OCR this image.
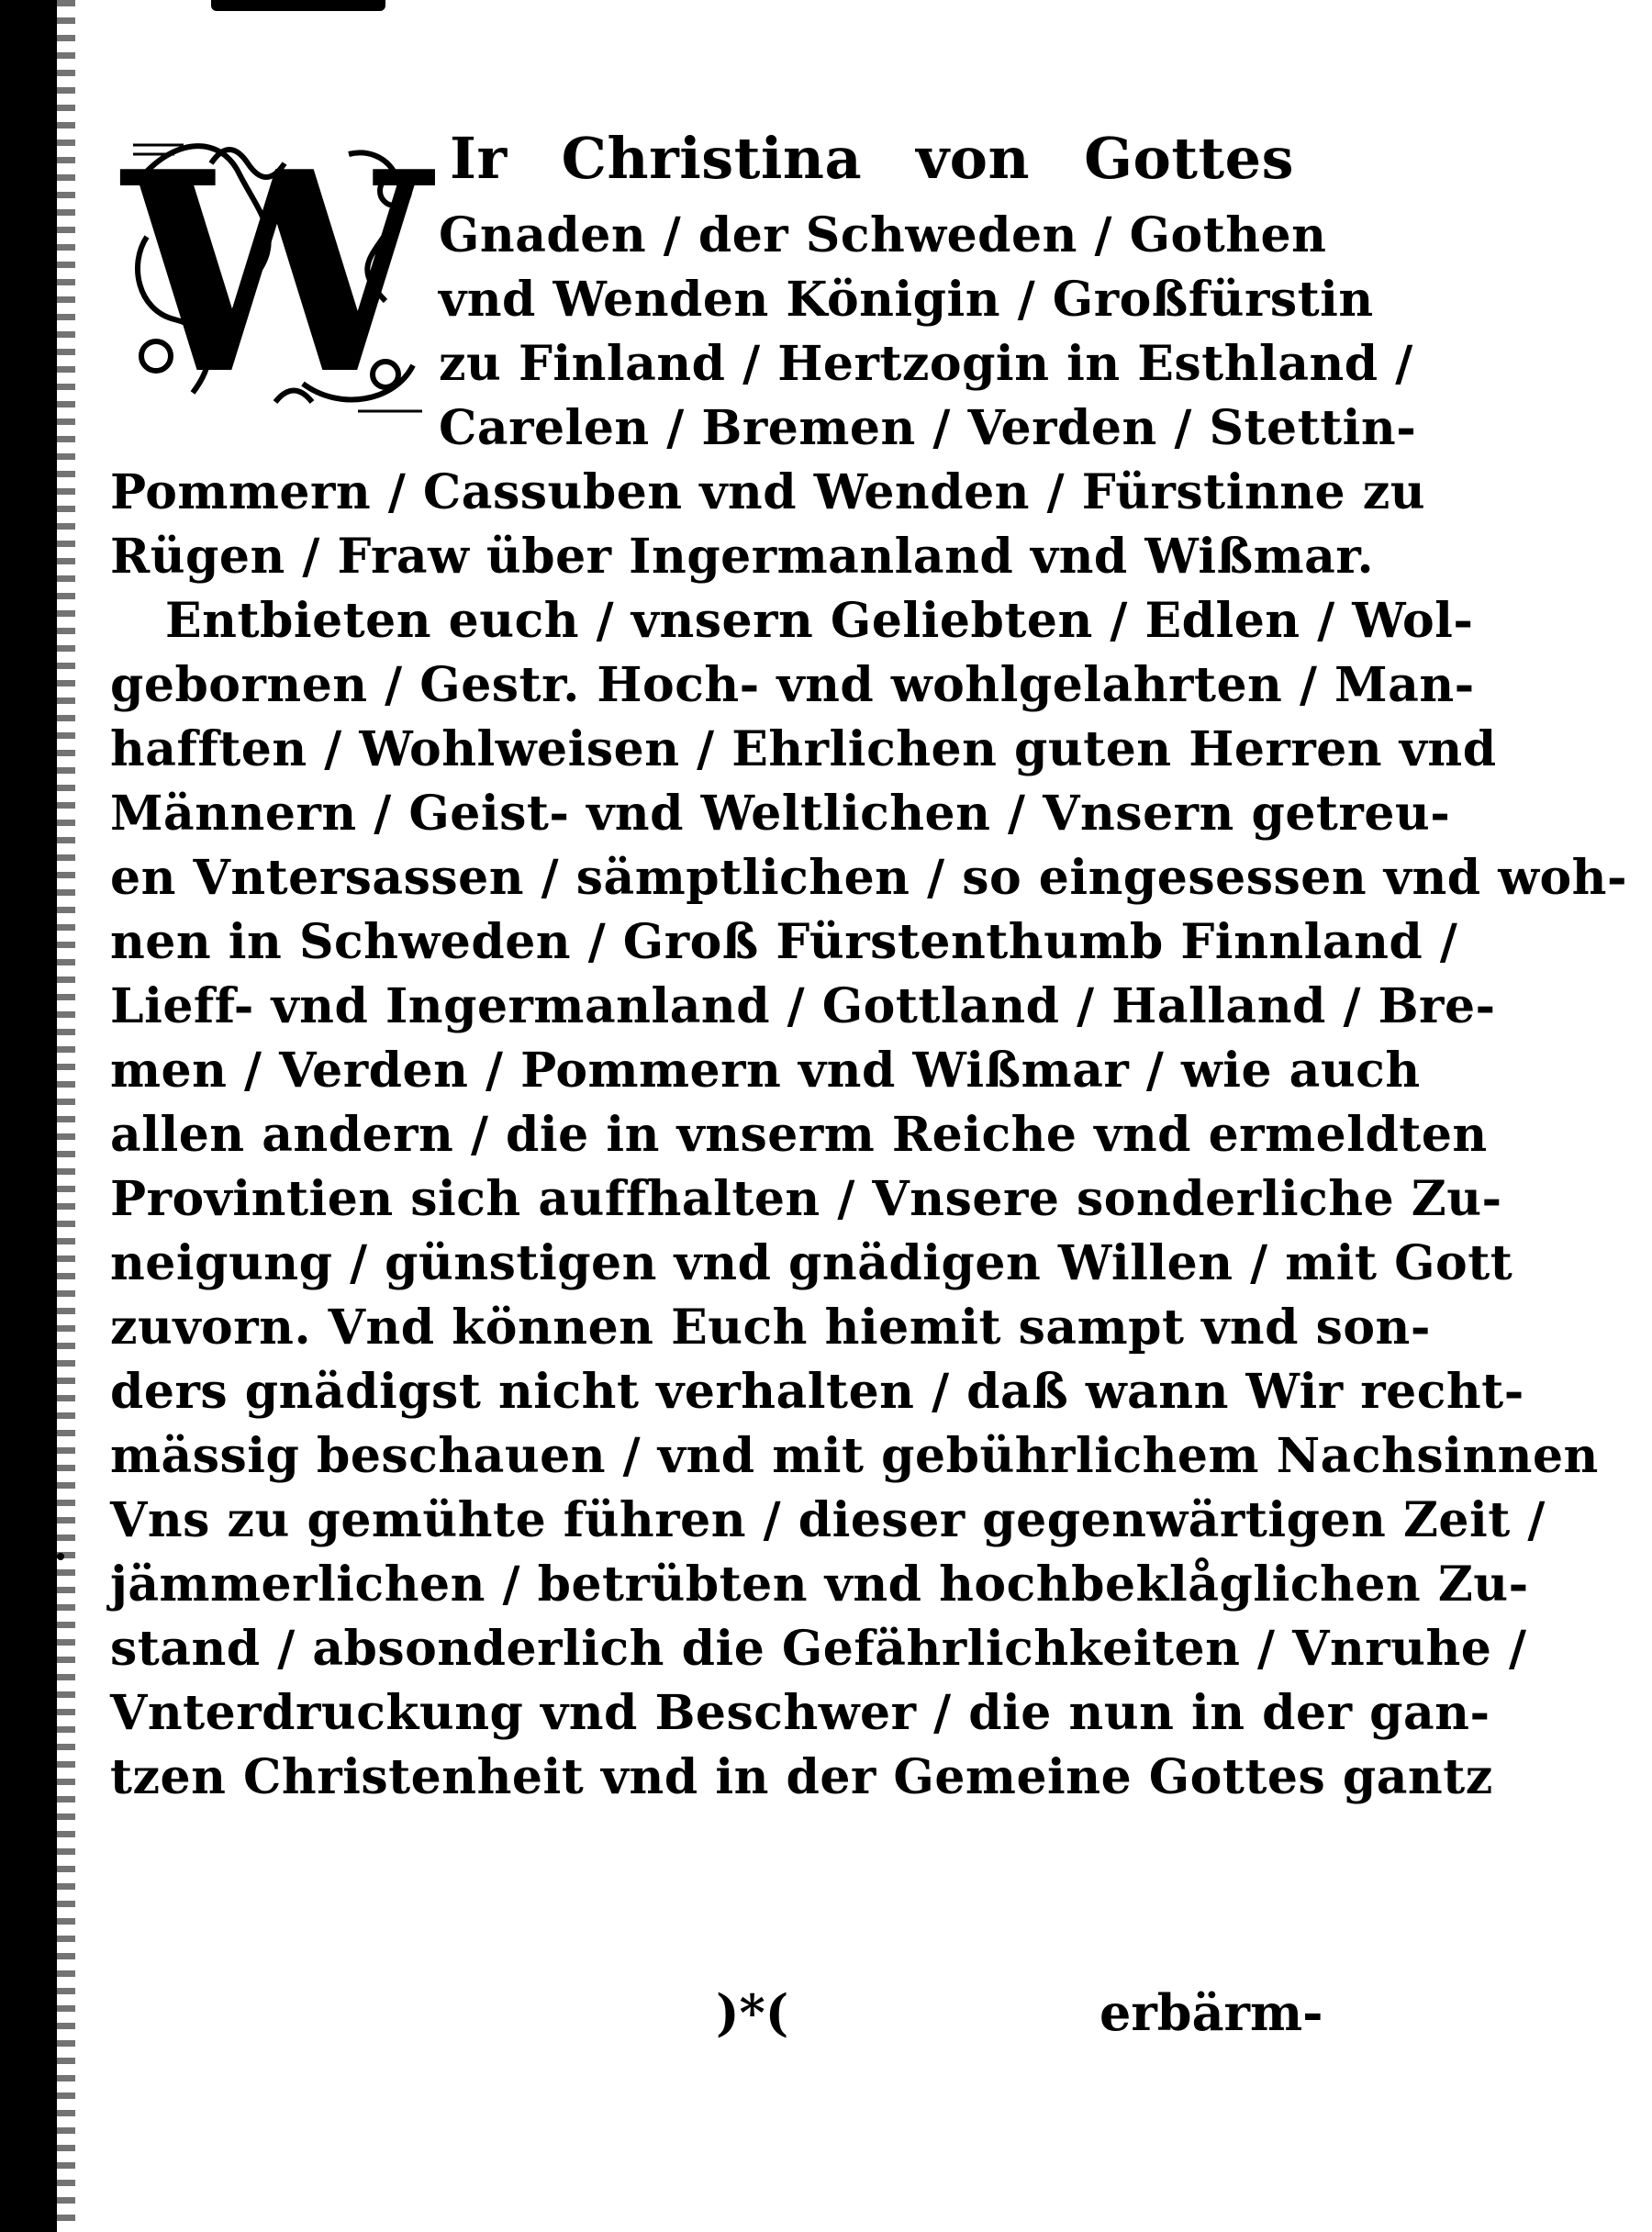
W Ir Christina von Gottes

Gnaden / der Schweden / Gothen

vnd Wenden Königin / Großfürstin

zu Finland / Hertzogin in Esthland /

Carelen / Bremen / Verden / Stettin-

Pommern / Cassuben vnd Wenden / Fürstinne zu

Rügen / Fraw über Ingermanland vnd Wißmar.

Entbieten euch / vnsern Geliebten / Edlen / Wol-

gebornen / Gestr. Hoch- vnd wohlgelahrten / Man-

hafften / Wohlweisen / Ehrlichen guten Herren vnd

Männern / Geist- vnd Weltlichen / Vnsern getreu-

en Vntersassen / sämptlichen / so eingesessen vnd woh-

nen in Schweden / Groß Fürstenthumb Finnland /

Lieff- vnd Ingermanland / Gottland / Halland / Bre-

men / Verden / Pommern vnd Wißmar / wie auch

allen andern / die in vnserm Reiche vnd ermeldten

Provintien sich auffhalten / Vnsere sonderliche Zu-

neigung / günstigen vnd gnädigen Willen / mit Gott

zuvorn. Vnd können Euch hiemit sampt vnd son-

ders gnädigst nicht verhalten / daß wann Wir recht-

mässig beschauen / vnd mit gebührlichem Nachsinnen

Vns zu gemühte führen / dieser gegenwärtigen Zeit /

jämmerlichen / betrübten vnd hochbeklåglichen Zu-

stand / absonderlich die Gefährlichkeiten / Vnruhe /

Vnterdruckung vnd Beschwer / die nun in der gan-

tzen Christenheit vnd in der Gemeine Gottes gantz

)*(	erbärm-
